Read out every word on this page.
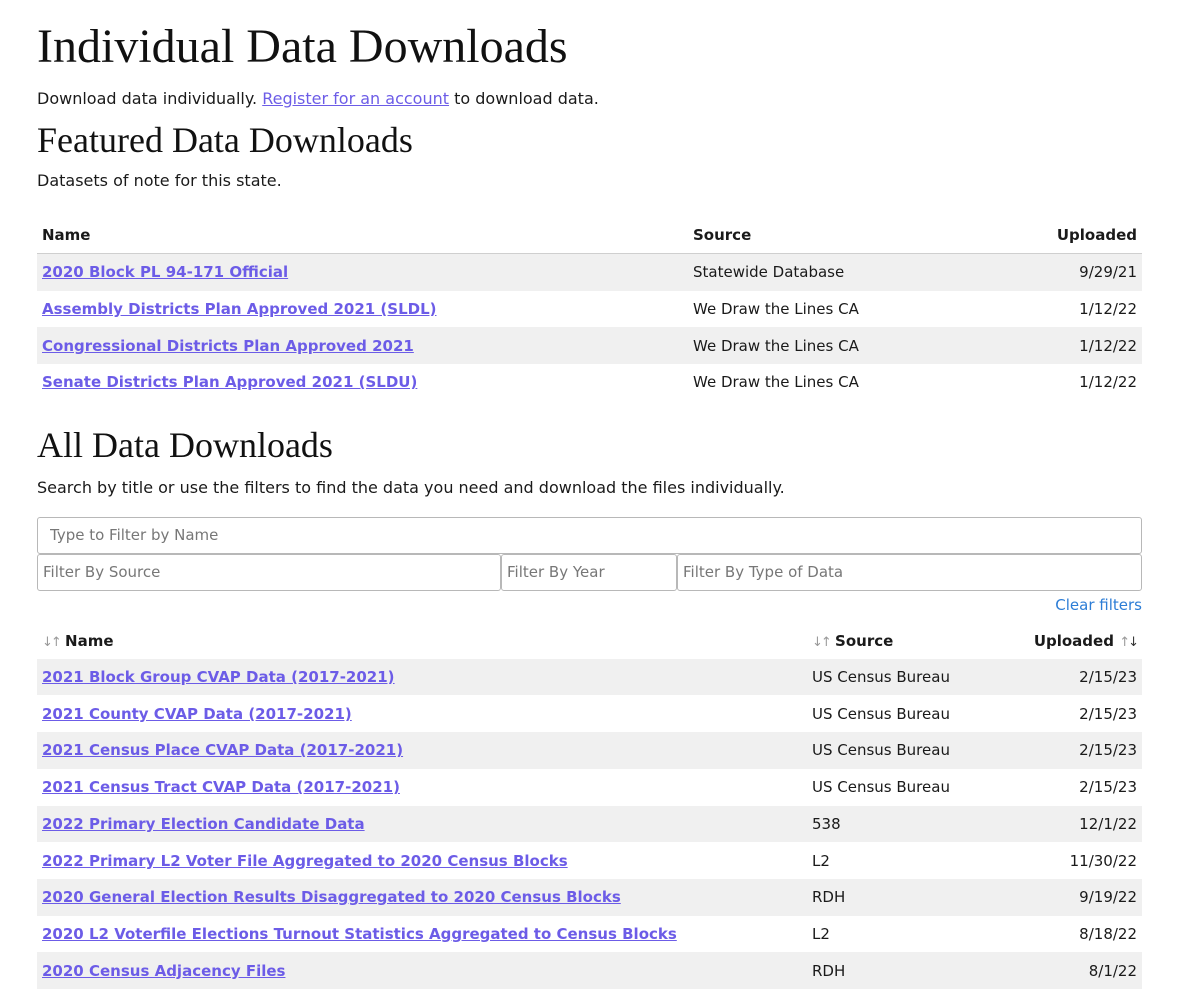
Individual Data Downloads

Download data individually. Register for an account to download data.

Featured Data Downloads

Datasets of note for this state.

Name	Source	Uploaded
2020 Block PL 94-171 Official	Statewide Database	9/29/21
Assembly Districts Plan Approved 2021 (SLDL)	We Draw the Lines CA	1/12/22
Congressional Districts Plan Approved 2021	We Draw the Lines CA	1/12/22
Senate Districts Plan Approved 2021 (SLDU)	We Draw the Lines CA	1/12/22
All Data Downloads

Search by title or use the filters to find the data you need and download the files individually.

Type to Filter by Name
Filter By Source
Filter By Year
Filter By Type of Data
Clear filters
↓↑ Name	↓↑ Source	Uploaded ↑↓
2021 Block Group CVAP Data (2017-2021)	US Census Bureau	2/15/23
2021 County CVAP Data (2017-2021)	US Census Bureau	2/15/23
2021 Census Place CVAP Data (2017-2021)	US Census Bureau	2/15/23
2021 Census Tract CVAP Data (2017-2021)	US Census Bureau	2/15/23
2022 Primary Election Candidate Data	538	12/1/22
2022 Primary L2 Voter File Aggregated to 2020 Census Blocks	L2	11/30/22
2020 General Election Results Disaggregated to 2020 Census Blocks	RDH	9/19/22
2020 L2 Voterfile Elections Turnout Statistics Aggregated to Census Blocks	L2	8/18/22
2020 Census Adjacency Files	RDH	8/1/22
